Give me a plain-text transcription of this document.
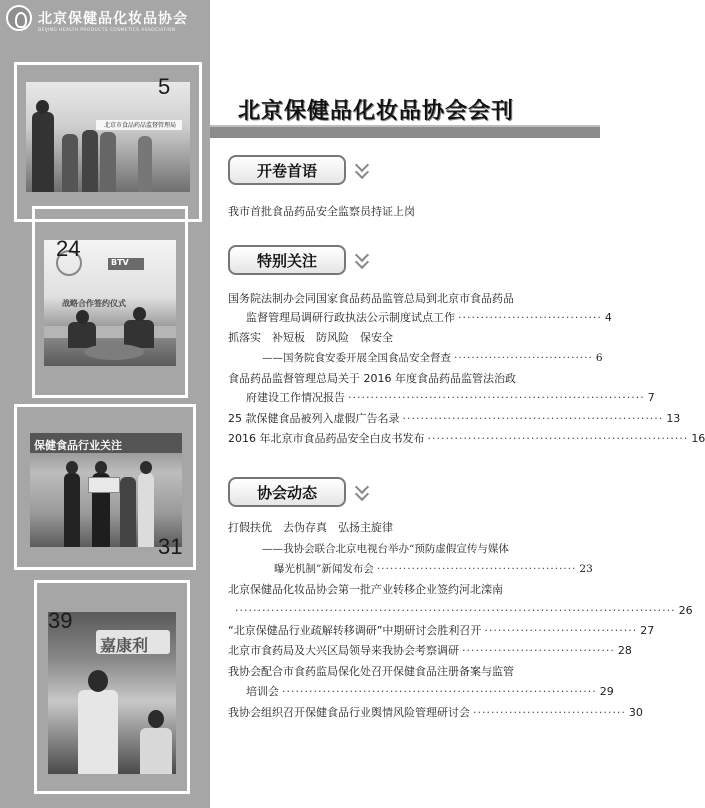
北京保健品化妆品协会
BEIJING HEALTH PRODUCTS COSMETICS ASSOCIATION
北京市食品药品监督管理局
5
BTV
战略合作签约仪式
24
保健食品行业关注
31
嘉康利
39
北京保健品化妆品协会会刊
开卷首语
我市首批食品药品安全监察员持证上岗
特别关注
国务院法制办会同国家食品药品监管总局到北京市食品药品
监督管理局调研行政执法公示制度试点工作 ································ 4
抓落实　补短板　防风险　保安全
——国务院食安委开展全国食品安全督查 ································ 6
食品药品监督管理总局关于 2016 年度食品药品监管法治政
府建设工作情况报告 ·································································· 7
25 款保健食品被列入虚假广告名录 ·························································· 13
2016 年北京市食品药品安全白皮书发布 ·························································· 16
协会动态
打假扶优　去伪存真　弘扬主旋律
——我协会联合北京电视台举办“预防虚假宣传与媒体
曝光机制”新闻发布会 ·············································· 23
北京保健品化妆品协会第一批产业转移企业签约河北滦南
·································································································· 26
“北京保健品行业疏解转移调研”中期研讨会胜利召开 ·································· 27
北京市食药局及大兴区局领导来我协会考察调研 ·································· 28
我协会配合市食药监局保化处召开保健食品注册备案与监管
培训会 ······································································ 29
我协会组织召开保健食品行业舆情风险管理研讨会 ·································· 30
